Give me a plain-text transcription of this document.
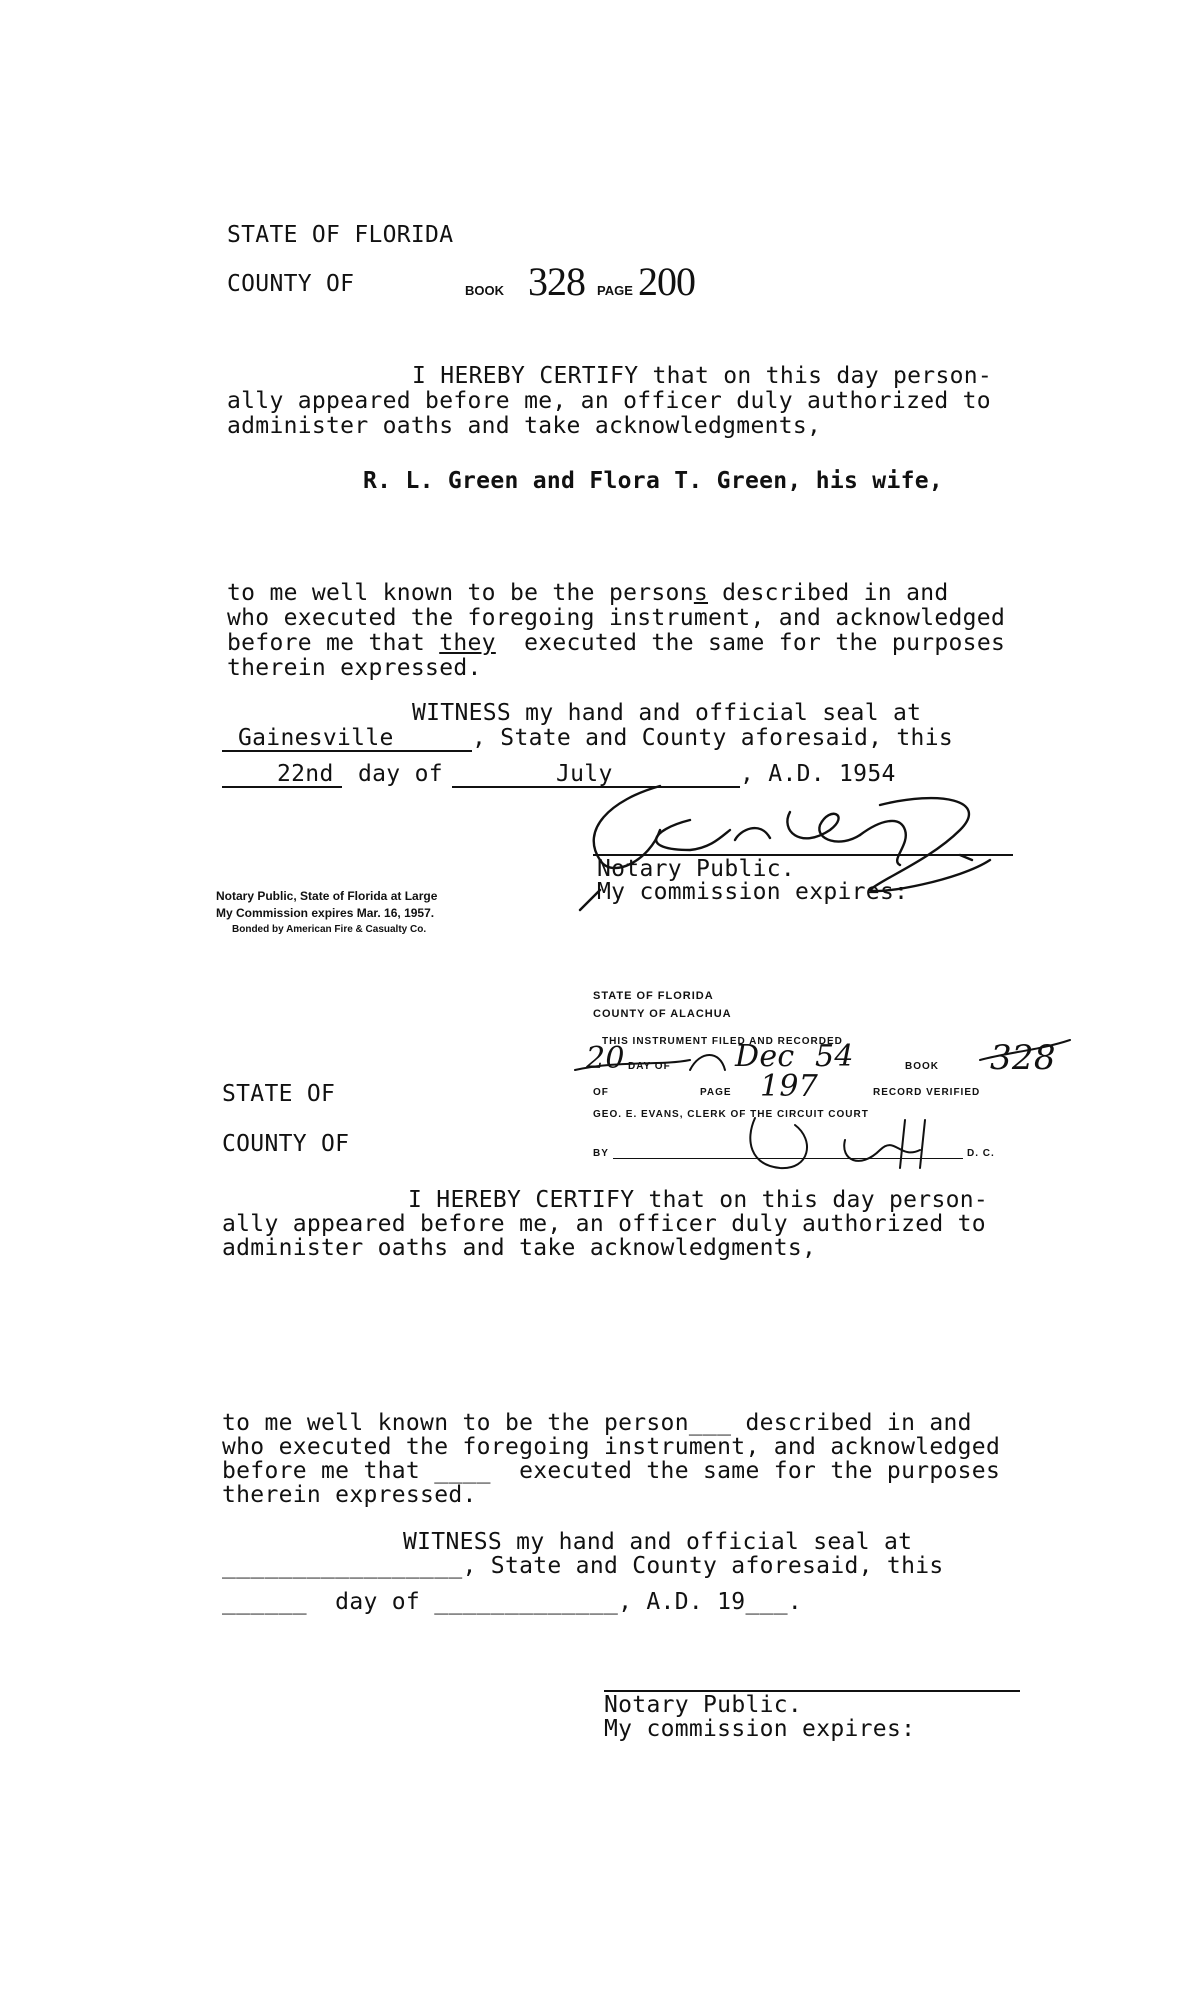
STATE OF FLORIDA
COUNTY OF	BOOK 328 PAGE 200
I HEREBY CERTIFY that on this day person-
ally appeared before me, an officer duly authorized to
administer oaths and take acknowledgments,
R. L. Green and Flora T. Green, his wife,
to me well known to be the persons described in and
who executed the foregoing instrument, and acknowledged
before me that they  executed the same for the purposes
therein expressed.
WITNESS my hand and official seal at
Gainesville	, State and County aforesaid, this
22nd day of	July	, A.D. 1954
Notary Public.
My commission expires:
Notary Public, State of Florida at Large
My Commission expires Mar. 16, 1957.
Bonded by American Fire & Casualty Co.
STATE OF FLORIDA
COUNTY OF ALACHUA
THIS INSTRUMENT FILED AND RECORDED
DAY OF	BOOK
OF	PAGE	RECORD VERIFIED
GEO. E. EVANS, CLERK OF THE CIRCUIT COURT
BY	D. C.
20	Dec 54	328
197
STATE OF
COUNTY OF
I HEREBY CERTIFY that on this day person-
ally appeared before me, an officer duly authorized to
administer oaths and take acknowledgments,
to me well known to be the person___ described in and
who executed the foregoing instrument, and acknowledged
before me that ____  executed the same for the purposes
therein expressed.
WITNESS my hand and official seal at
_________________, State and County aforesaid, this
______  day of _____________, A.D. 19___.
Notary Public.
My commission expires:
